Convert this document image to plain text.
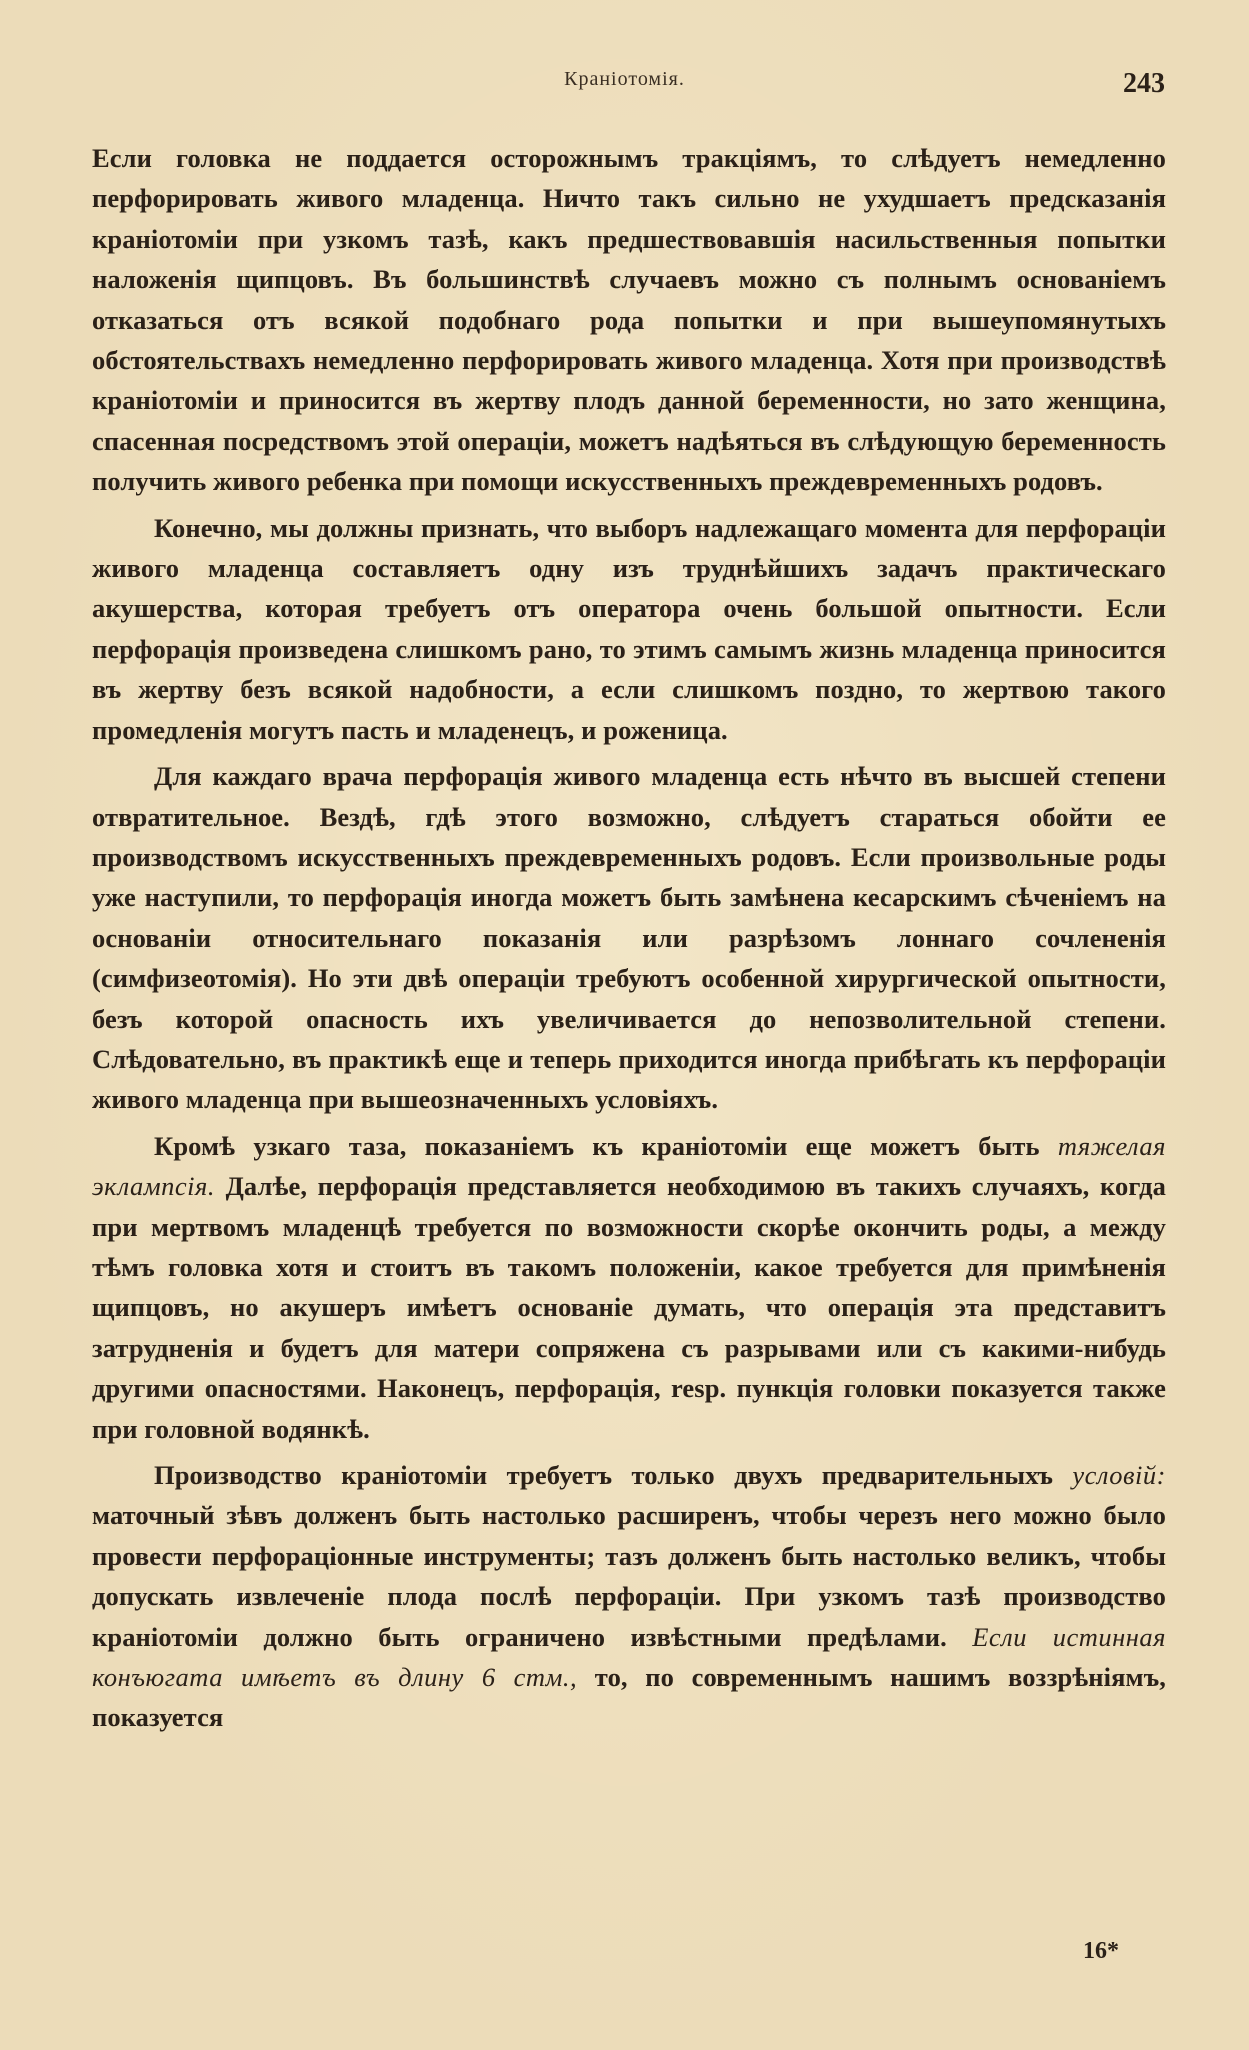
Краніотомія.	243

Если головка не поддается осторожнымъ тракціямъ, то слѣдуетъ немедленно перфорировать живого младенца. Ничто такъ сильно не ухудшаетъ предсказанія краніотоміи при узкомъ тазѣ, какъ предшествовавшія насильственныя попытки наложенія щипцовъ. Въ большинствѣ случаевъ можно съ полнымъ основаніемъ отказаться отъ всякой подобнаго рода попытки и при вышеупомянутыхъ обстоятельствахъ немедленно перфорировать живого младенца. Хотя при производствѣ краніотоміи и приносится въ жертву плодъ данной беременности, но зато женщина, спасенная посредствомъ этой операціи, можетъ надѣяться въ слѣдующую беременность получить живого ребенка при помощи искусственныхъ преждевременныхъ родовъ.

Конечно, мы должны признать, что выборъ надлежащаго момента для перфораціи живого младенца составляетъ одну изъ труднѣйшихъ задачъ практическаго акушерства, которая требуетъ отъ оператора очень большой опытности. Если перфорація произведена слишкомъ рано, то этимъ самымъ жизнь младенца приносится въ жертву безъ всякой надобности, а если слишкомъ поздно, то жертвою такого промедленія могутъ пасть и младенецъ, и роженица.

Для каждаго врача перфорація живого младенца есть нѣчто въ высшей степени отвратительное. Вездѣ, гдѣ этого возможно, слѣдуетъ стараться обойти ее производствомъ искусственныхъ преждевременныхъ родовъ. Если произвольные роды уже наступили, то перфорація иногда можетъ быть замѣнена кесарскимъ сѣченіемъ на основаніи относительнаго показанія или разрѣзомъ лоннаго сочлененія (симфизеотомія). Но эти двѣ операціи требуютъ особенной хирургической опытности, безъ которой опасность ихъ увеличивается до непозволительной степени. Слѣдовательно, въ практикѣ еще и теперь приходится иногда прибѣгать къ перфораціи живого младенца при вышеозначенныхъ условіяхъ.

Кромѣ узкаго таза, показаніемъ къ краніотоміи еще можетъ быть тяжелая эклампсія. Далѣе, перфорація представляется необходимою въ такихъ случаяхъ, когда при мертвомъ младенцѣ требуется по возможности скорѣе окончить роды, а между тѣмъ головка хотя и стоитъ въ такомъ положеніи, какое требуется для примѣненія щипцовъ, но акушеръ имѣетъ основаніе думать, что операція эта представитъ затрудненія и будетъ для матери сопряжена съ разрывами или съ какими-нибудь другими опасностями. Наконецъ, перфорація, resp. пункція головки показуется также при головной водянкѣ.

Производство краніотоміи требуетъ только двухъ предварительныхъ условій: маточный зѣвъ долженъ быть настолько расширенъ, чтобы черезъ него можно было провести перфораціонные инструменты; тазъ долженъ быть настолько великъ, чтобы допускать извлеченіе плода послѣ перфораціи. При узкомъ тазѣ производство краніотоміи должно быть ограничено извѣстными предѣлами. Если истинная конъюгата имѣетъ въ длину 6 стм., то, по современнымъ нашимъ воззрѣніямъ, показуется

16*
